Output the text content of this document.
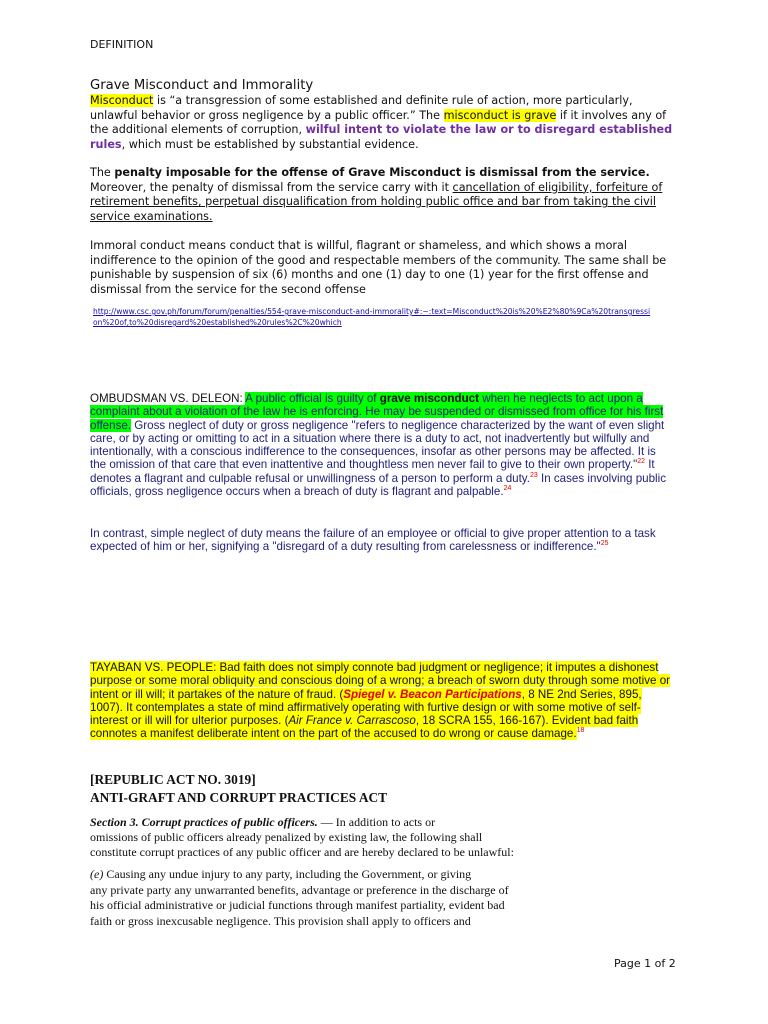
DEFINITION
Grave Misconduct and Immorality
Misconduct is “a transgression of some established and definite rule of action, more particularly, unlawful behavior or gross negligence by a public officer.” The misconduct is grave if it involves any of the additional elements of corruption, wilful intent to violate the law or to disregard established rules, which must be established by substantial evidence.
The penalty imposable for the offense of Grave Misconduct is dismissal from the service. Moreover, the penalty of dismissal from the service carry with it cancellation of eligibility, forfeiture of retirement benefits, perpetual disqualification from holding public office and bar from taking the civil service examinations.
Immoral conduct means conduct that is willful, flagrant or shameless, and which shows a moral indifference to the opinion of the good and respectable members of the community. The same shall be punishable by suspension of six (6) months and one (1) day to one (1) year for the first offense and dismissal from the service for the second offense
http://www.csc.gov.ph/forum/forum/penalties/554-grave-misconduct-and-immorality#:~:text=Misconduct%20is%20%E2%80%9Ca%20transgression%20of,to%20disregard%20established%20rules%2C%20which
OMBUDSMAN VS. DELEON: A public official is guilty of grave misconduct when he neglects to act upon a complaint about a violation of the law he is enforcing. He may be suspended or dismissed from office for his first offense. Gross neglect of duty or gross negligence "refers to negligence characterized by the want of even slight care, or by acting or omitting to act in a situation where there is a duty to act, not inadvertently but wilfully and intentionally, with a conscious indifference to the consequences, insofar as other persons may be affected. It is the omission of that care that even inattentive and thoughtless men never fail to give to their own property."$^{22}$ It denotes a flagrant and culpable refusal or unwillingness of a person to perform a duty.$^{23}$ In cases involving public officials, gross negligence occurs when a breach of duty is flagrant and palpable.$^{24}$
In contrast, simple neglect of duty means the failure of an employee or official to give proper attention to a task expected of him or her, signifying a "disregard of a duty resulting from carelessness or indifference."$^{25}$
TAYABAN VS. PEOPLE: Bad faith does not simply connote bad judgment or negligence; it imputes a dishonest purpose or some moral obliquity and conscious doing of a wrong; a breach of sworn duty through some motive or intent or ill will; it partakes of the nature of fraud. (Spiegel v. Beacon Participations, 8 NE 2nd Series, 895, 1007). It contemplates a state of mind affirmatively operating with furtive design or with some motive of self-interest or ill will for ulterior purposes. (Air France v. Carrascoso, 18 SCRA 155, 166-167). Evident bad faith connotes a manifest deliberate intent on the part of the accused to do wrong or cause damage.$^{18}$
[REPUBLIC ACT NO. 3019]
ANTI-GRAFT AND CORRUPT PRACTICES ACT
Section 3. Corrupt practices of public officers. — In addition to acts or
omissions of public officers already penalized by existing law, the following shall
constitute corrupt practices of any public officer and are hereby declared to be unlawful:
(e) Causing any undue injury to any party, including the Government, or giving
any private party any unwarranted benefits, advantage or preference in the discharge of
his official administrative or judicial functions through manifest partiality, evident bad
faith or gross inexcusable negligence. This provision shall apply to officers and
Page 1 of 2
